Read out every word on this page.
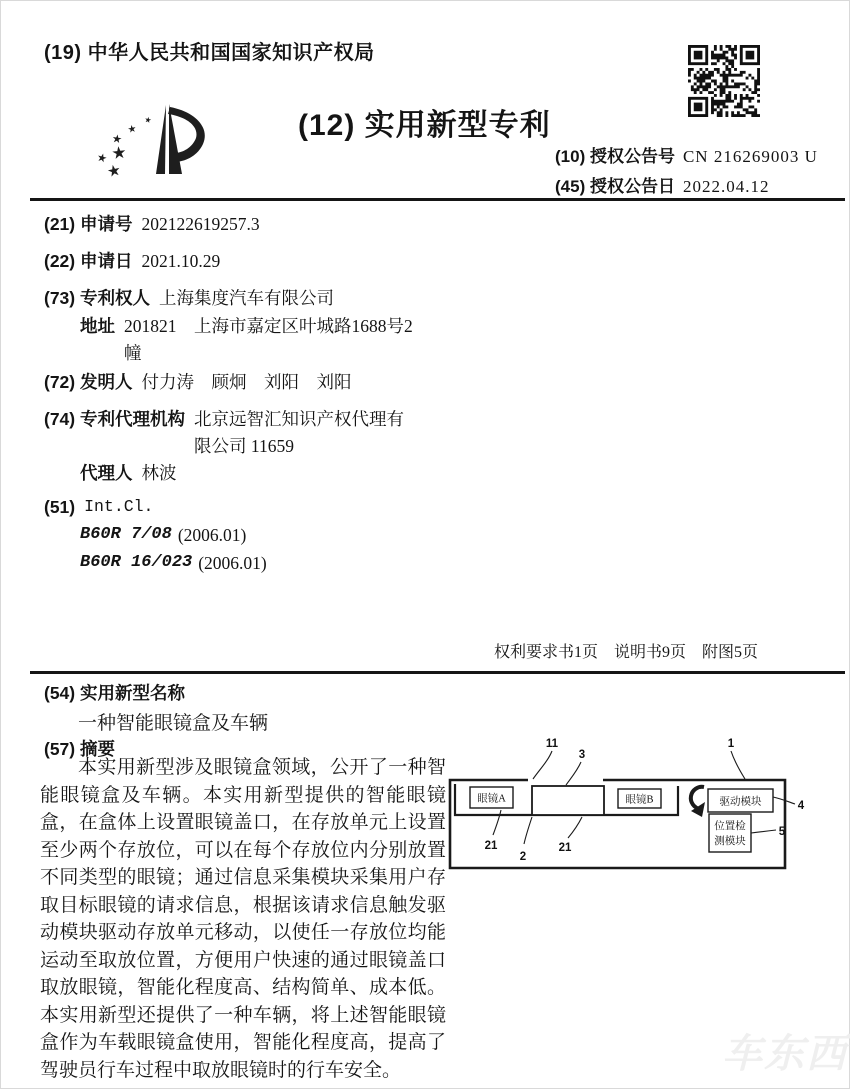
(19) 中华人民共和国国家知识产权局
(12) 实用新型专利
(10) 授权公告号 CN 216269003 U
(45) 授权公告日 2022.04.12
(21) 申请号 202122619257.3
(22) 申请日 2021.10.29
(73) 专利权人 上海集度汽车有限公司
地址 201821　上海市嘉定区叶城路1688号2幢
(72) 发明人 付力涛　顾炯　刘阳　刘阳
(74) 专利代理机构 北京远智汇知识产权代理有限公司 11659
代理人 林波
(51) Int.Cl.
B60R 7/08 (2006.01)
B60R 16/023 (2006.01)
权利要求书1页　说明书9页　附图5页
(54) 实用新型名称
一种智能眼镜盒及车辆
(57) 摘要
本实用新型涉及眼镜盒领域，公开了一种智能眼镜盒及车辆。本实用新型提供的智能眼镜盒，在盒体上设置眼镜盖口，在存放单元上设置至少两个存放位，可以在每个存放位内分别放置不同类型的眼镜；通过信息采集模块采集用户存取目标眼镜的请求信息，根据该请求信息触发驱动模块驱动存放单元移动，以使任一存放位均能运动至取放位置，方便用户快速的通过眼镜盖口取放眼镜，智能化程度高、结构简单、成本低。本实用新型还提供了一种车辆，将上述智能眼镜盒作为车载眼镜盒使用，智能化程度高，提高了驾驶员行车过程中取放眼镜时的行车安全。
眼镜A	眼镜B	驱动模块
位置检
测模块
11
3
1
4
5
21
2
21
车东西
